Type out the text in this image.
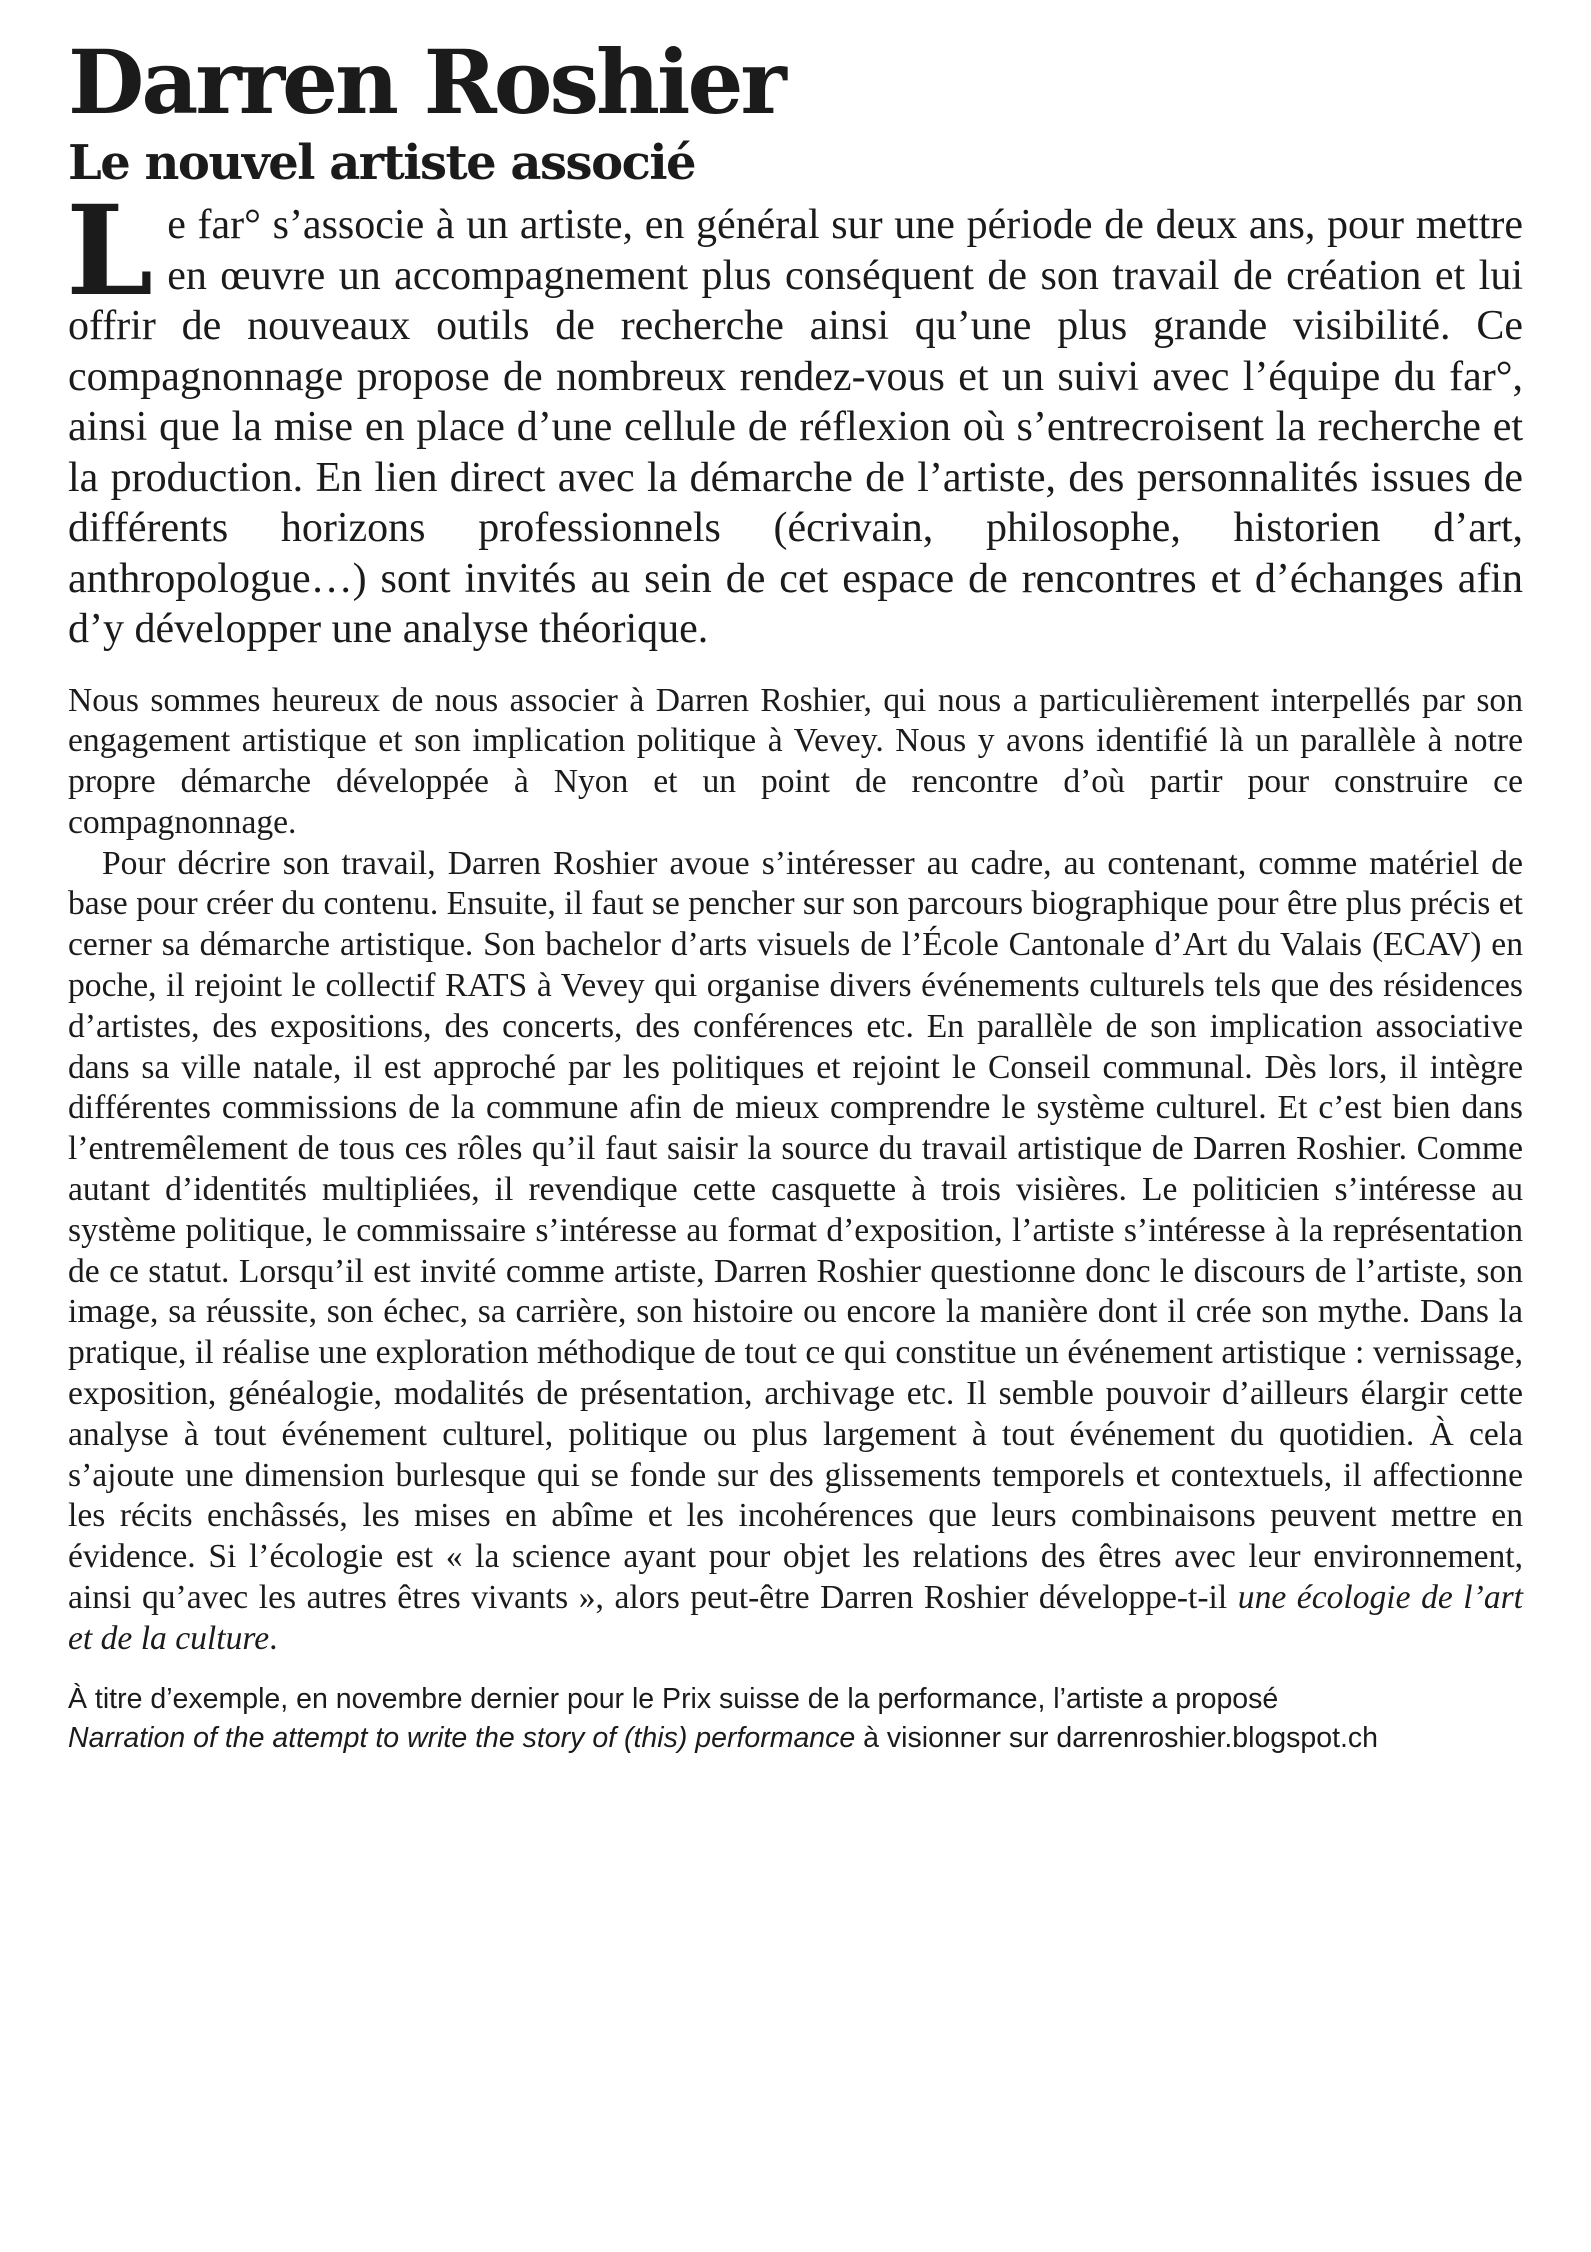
Darren Roshier
Le nouvel artiste associé

Le far° s’associe à un artiste, en général sur une période de deux ans, pour mettre en œuvre un accompagnement plus conséquent de son travail de création et lui offrir de nouveaux outils de recherche ainsi qu’une plus grande visibilité. Ce compagnonnage propose de nombreux rendez-vous et un suivi avec l’équipe du far°, ainsi que la mise en place d’une cellule de réflexion où s’entrecroisent la recherche et la production. En lien direct avec la démarche de l’artiste, des personnalités issues de différents horizons professionnels (écrivain, philosophe, historien d’art, anthropologue…) sont invités au sein de cet espace de rencontres et d’échanges afin d’y développer une analyse théorique.

Nous sommes heureux de nous associer à Darren Roshier, qui nous a particulièrement interpellés par son engagement artistique et son implication politique à Vevey. Nous y avons identifié là un parallèle à notre propre démarche développée à Nyon et un point de rencontre d’où partir pour construire ce compagnonnage.

Pour décrire son travail, Darren Roshier avoue s’intéresser au cadre, au contenant, comme matériel de base pour créer du contenu. Ensuite, il faut se pencher sur son parcours biographique pour être plus précis et cerner sa démarche artistique. Son bachelor d’arts visuels de l’École Cantonale d’Art du Valais (ECAV) en poche, il rejoint le collectif RATS à Vevey qui organise divers événements culturels tels que des résidences d’artistes, des expositions, des concerts, des conférences etc. En parallèle de son implication associative dans sa ville natale, il est approché par les politiques et rejoint le Conseil communal. Dès lors, il intègre différentes commissions de la commune afin de mieux comprendre le système culturel. Et c’est bien dans l’entremêlement de tous ces rôles qu’il faut saisir la source du travail artistique de Darren Roshier. Comme autant d’identités multipliées, il revendique cette casquette à trois visières. Le politicien s’intéresse au système politique, le commissaire s’intéresse au format d’exposition, l’artiste s’intéresse à la représentation de ce statut. Lorsqu’il est invité comme artiste, Darren Roshier questionne donc le discours de l’artiste, son image, sa réussite, son échec, sa carrière, son histoire ou encore la manière dont il crée son mythe. Dans la pratique, il réalise une exploration méthodique de tout ce qui constitue un événement artistique : vernissage, exposition, généalogie, modalités de présentation, archivage etc. Il semble pouvoir d’ailleurs élargir cette analyse à tout événement culturel, politique ou plus largement à tout événement du quotidien. À cela s’ajoute une dimension burlesque qui se fonde sur des glissements temporels et contextuels, il affectionne les récits enchâssés, les mises en abîme et les incohérences que leurs combinaisons peuvent mettre en évidence. Si l’écologie est « la science ayant pour objet les relations des êtres avec leur environnement, ainsi qu’avec les autres êtres vivants », alors peut-être Darren Roshier développe-t-il une écologie de l’art et de la culture.

À titre d’exemple, en novembre dernier pour le Prix suisse de la performance, l’artiste a proposé
Narration of the attempt to write the story of (this) performance à visionner sur darrenroshier.blogspot.ch
